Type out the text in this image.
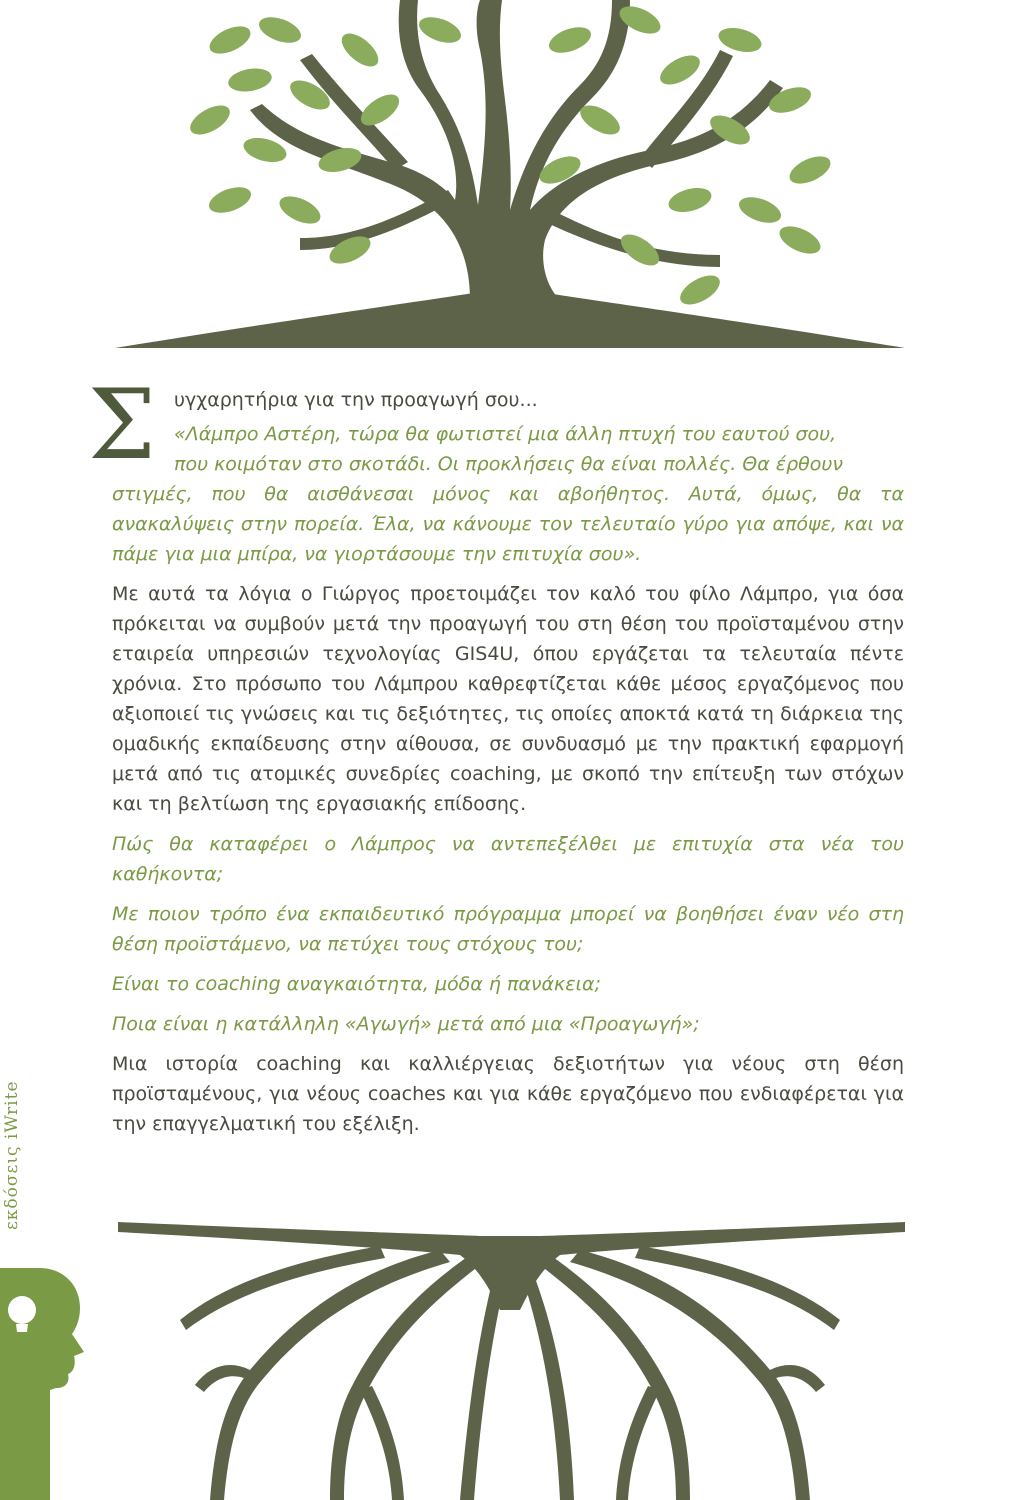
Σ υγχαρητήρια για την προαγωγή σου...

«Λάμπρο Αστέρη, τώρα θα φωτιστεί μια άλλη πτυχή του εαυτού σου,
που κοιμόταν στο σκοτάδι. Οι προκλήσεις θα είναι πολλές. Θα έρθουν
στιγμές, που θα αισθάνεσαι μόνος και αβοήθητος. Αυτά, όμως, θα τα ανακαλύψεις στην πορεία. Έλα, να κάνουμε τον τελευταίο γύρο για απόψε, και να πάμε για μια μπίρα, να γιορτάσουμε την επιτυχία σου».

Με αυτά τα λόγια ο Γιώργος προετοιμάζει τον καλό του φίλο Λάμπρο, για όσα πρόκειται να συμβούν μετά την προαγωγή του στη θέση του προϊσταμένου στην εταιρεία υπηρεσιών τεχνολογίας GIS4U, όπου εργάζεται τα τελευταία πέντε χρόνια. Στο πρόσωπο του Λάμπρου καθρεφτίζεται κάθε μέσος εργαζόμενος που αξιοποιεί τις γνώσεις και τις δεξιότητες, τις οποίες αποκτά κατά τη διάρκεια της ομαδικής εκπαίδευσης στην αίθουσα, σε συνδυασμό με την πρακτική εφαρμογή μετά από τις ατομικές συνεδρίες coaching, με σκοπό την επίτευξη των στόχων και τη βελτίωση της εργασιακής επίδοσης.

Πώς θα καταφέρει ο Λάμπρος να αντεπεξέλθει με επιτυχία στα νέα του καθήκοντα;

Με ποιον τρόπο ένα εκπαιδευτικό πρόγραμμα μπορεί να βοηθήσει έναν νέο στη θέση προϊστάμενο, να πετύχει τους στόχους του;

Είναι το coaching αναγκαιότητα, μόδα ή πανάκεια;

Ποια είναι η κατάλληλη «Αγωγή» μετά από μια «Προαγωγή»;

Μια ιστορία coaching και καλλιέργειας δεξιοτήτων για νέους στη θέση προϊσταμένους, για νέους coaches και για κάθε εργαζόμενο που ενδιαφέρεται για την επαγγελματική του εξέλιξη.

εκδόσεις iWrite
